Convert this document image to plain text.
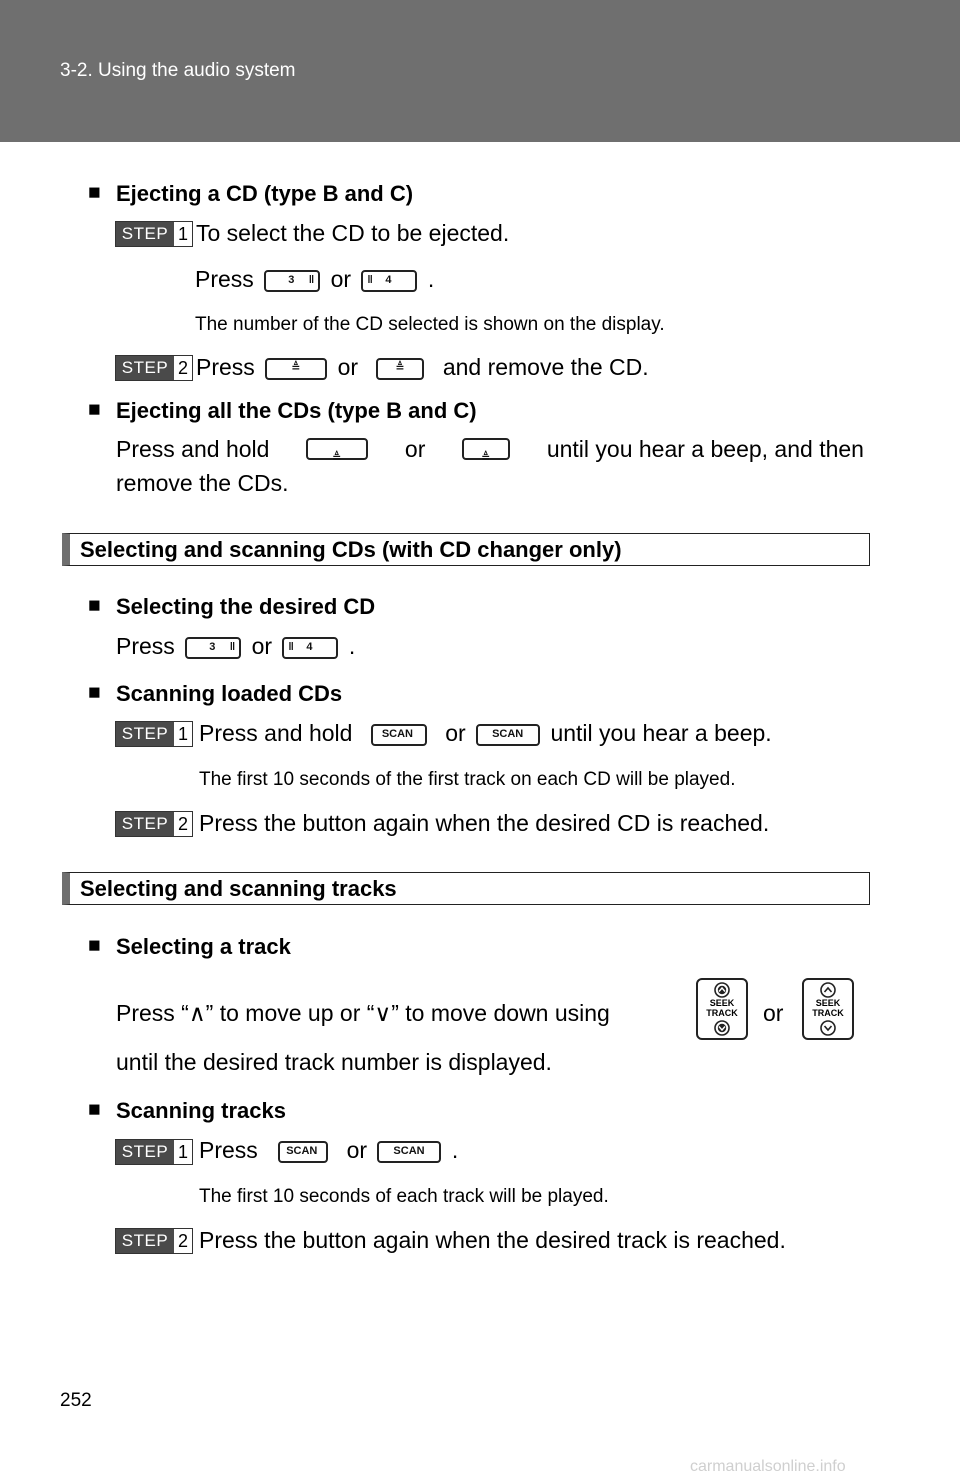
3-2. Using the audio system
■ Ejecting a CD (type B and C)
STEP 1 To select the CD to be ejected.
Press	3 ‖ or ‖ 4 .
The number of the CD selected is shown on the display.
STEP 2 Press	≜ or	≜ and remove the CD.
■ Ejecting all the CDs (type B and C)
Press and hold	≜	or	≜ until you hear a beep, and then
remove the CDs.
Selecting and scanning CDs (with CD changer only)
■ Selecting the desired CD
Press	3 ‖ or ‖ 4 .
■ Scanning loaded CDs
STEP 1 Press and hold	SCAN or SCAN until you hear a beep.
The first 10 seconds of the first track on each CD will be played.
STEP 2 Press the button again when the desired CD is reached.
Selecting and scanning tracks
■ Selecting a track
Press “∧” to move up or “∨” to move down using	SEEK
TRACK	or	SEEK
TRACK
until the desired track number is displayed.
■ Scanning tracks
STEP 1 Press	SCAN or SCAN .
The first 10 seconds of each track will be played.
STEP 2 Press the button again when the desired track is reached.
252
carmanualsonline.info
